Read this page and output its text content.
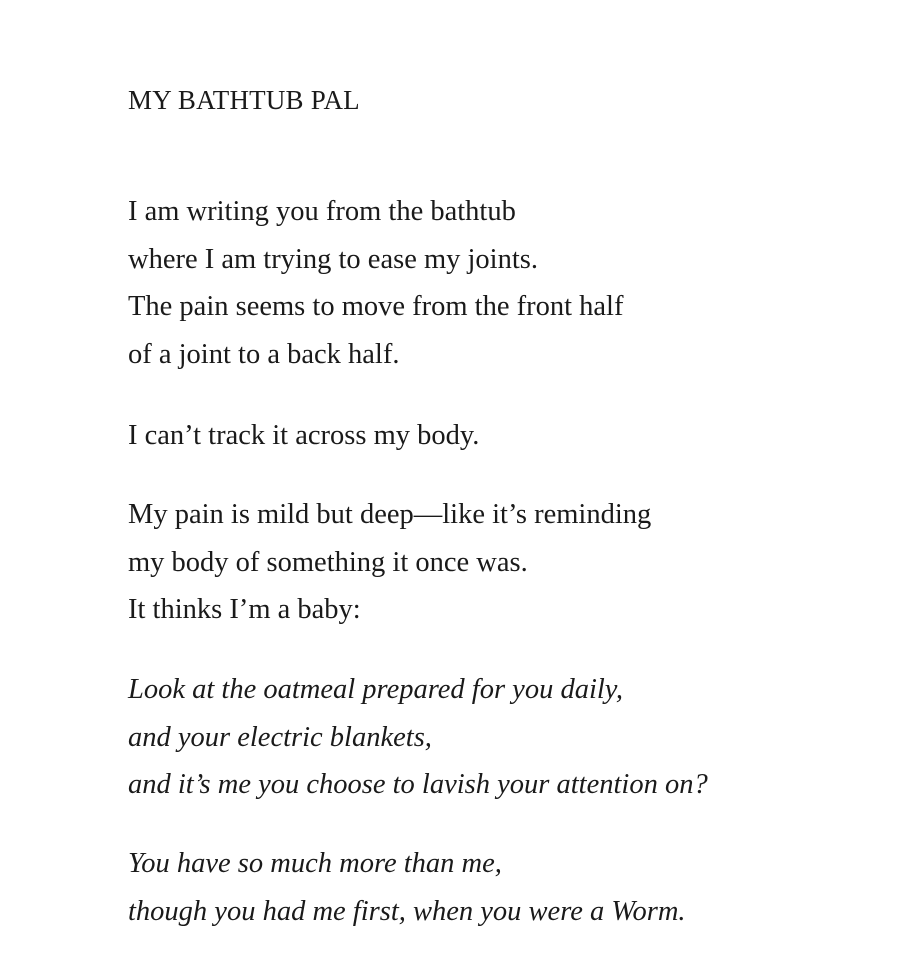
MY BATHTUB PAL

I am writing you from the bathtub
where I am trying to ease my joints.
The pain seems to move from the front half
of a joint to a back half.

I can’t track it across my body.

My pain is mild but deep—like it’s reminding
my body of something it once was.
It thinks I’m a baby:

Look at the oatmeal prepared for you daily,
and your electric blankets,
and it’s me you choose to lavish your attention on?

You have so much more than me,
though you had me first, when you were a Worm.
